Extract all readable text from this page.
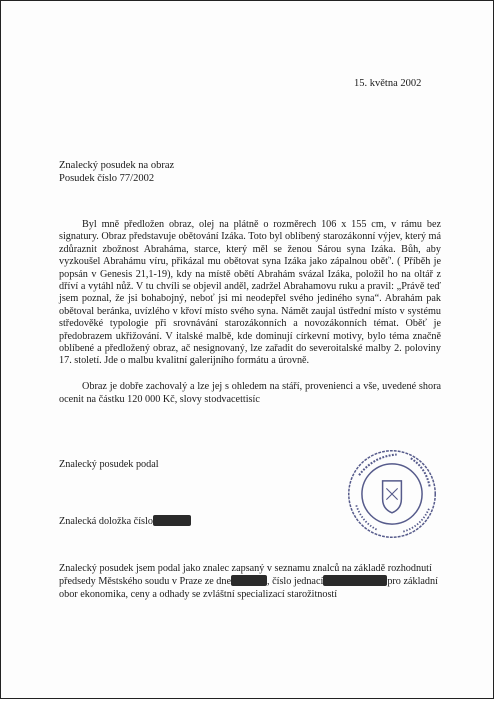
15. května 2002
Znalecký posudek na obraz
Posudek číslo 77/2002

Byl mně předložen obraz, olej na plátně o rozměrech 106 x 155 cm, v rámu bez signatury. Obraz představuje obětování Izáka. Toto byl oblíbený starozákonní výjev, který má zdůraznit zbožnost Abraháma, starce, který měl se ženou Sárou syna Izáka. Bůh, aby vyzkoušel Abrahámu víru, přikázal mu obětovat syna Izáka jako zápalnou oběť'. ( Příběh je popsán v Genesis 21,1-19), kdy na místě obětí Abrahám svázal Izáka, položil ho na oltář z dříví a vytáhl nůž. V tu chvíli se objevil anděl, zadržel Abrahamovu ruku a pravil: „Právě teď jsem poznal, že jsi bohabojný, neboť jsi mi neodepřel svého jediného syna“. Abrahám pak obětoval beránka, uvízlého v křoví místo svého syna. Námět zaujal ústřední místo v systému středověké typologie při srovnávání starozákonních a novozákonních témat. Oběť je předobrazem ukřižování. V italské malbě, kde dominují církevní motivy, bylo téma značně oblíbené a předložený obraz, ač nesignovaný, lze zařadit do severoitalské malby 2. poloviny 17. století. Jde o malbu kvalitní galerijního formátu a úrovně.

Obraz je dobře zachovalý a lze jej s ohledem na stáří, provenienci a vše, uvedené shora ocenit na částku 120 000 Kč, slovy stodvacettisíc

Znalecký posudek podal
Znalecká doložka číslo

Znalecký posudek jsem podal jako znalec zapsaný v seznamu znalců na základě rozhodnutí předsedy Městského soudu v Praze ze dne	, číslo jednací	pro základní obor ekonomika, ceny a odhady se zvláštní specializací starožitností
